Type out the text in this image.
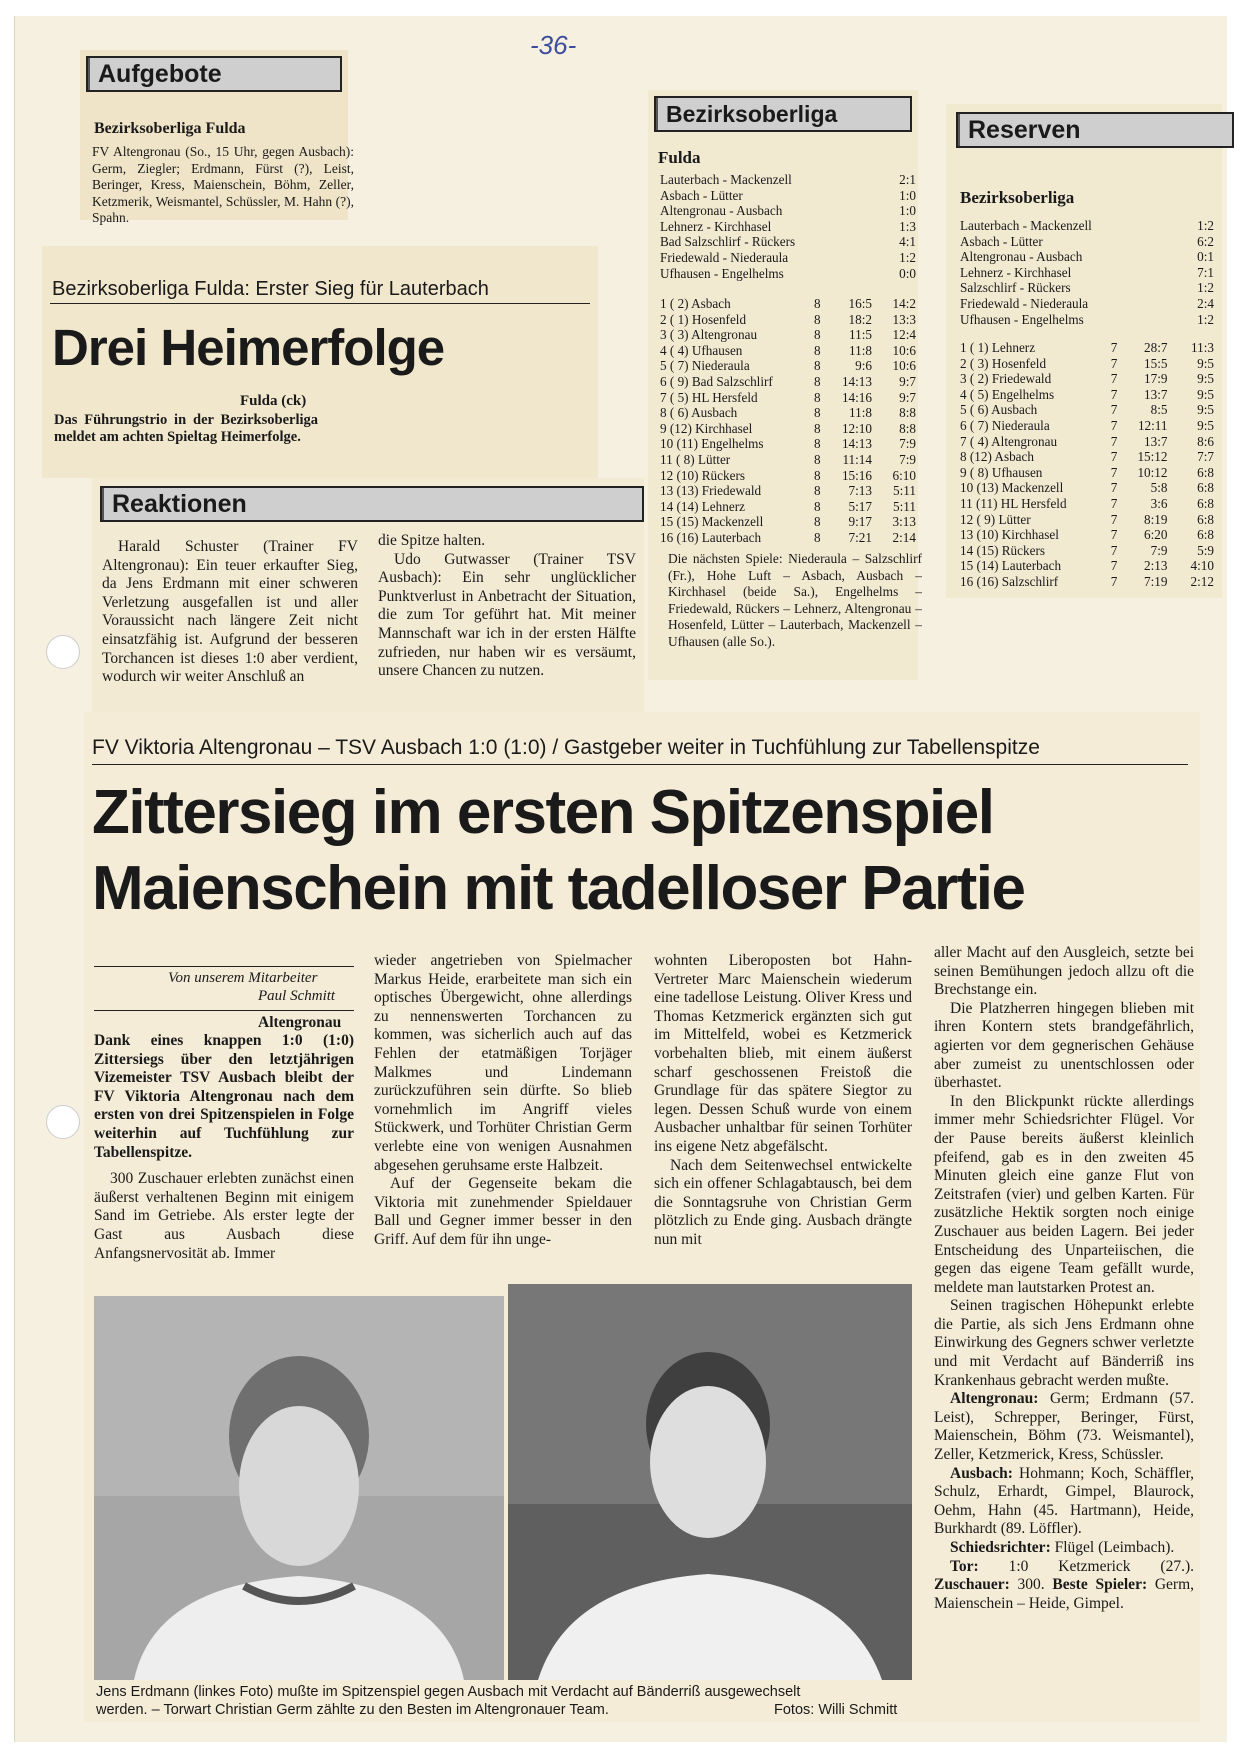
-36-
Aufgebote
Bezirksoberliga Fulda
FV Altengronau (So., 15 Uhr, gegen Ausbach): Germ, Ziegler; Erdmann, Fürst (?), Leist, Beringer, Kress, Maienschein, Böhm, Zeller, Ketzmerik, Weismantel, Schüssler, M. Hahn (?), Spahn.
Bezirksoberliga Fulda: Erster Sieg für Lauterbach
Drei Heimerfolge
Fulda (ck)
Das Führungstrio in der Bezirksoberliga meldet am achten Spieltag Heimerfolge.
Reaktionen

Harald Schuster (Trainer FV Altengronau): Ein teuer erkaufter Sieg, da Jens Erdmann mit einer schweren Verletzung ausgefallen ist und aller Voraussicht nach längere Zeit nicht einsatzfähig ist. Aufgrund der besseren Torchancen ist dieses 1:0 aber verdient, wodurch wir weiter Anschluß an

die Spitze halten.

Udo Gutwasser (Trainer TSV Ausbach): Ein sehr unglücklicher Punktverlust in Anbetracht der Situation, die zum Tor geführt hat. Mit meiner Mannschaft war ich in der ersten Hälfte zufrieden, nur haben wir es versäumt, unsere Chancen zu nutzen.

Bezirksoberliga
Fulda
Lauterbach - Mackenzell	2:1
Asbach - Lütter	1:0
Altengronau - Ausbach	1:0
Lehnerz - Kirchhasel	1:3
Bad Salzschlirf - Rückers	4:1
Friedewald - Niederaula	1:2
Ufhausen - Engelhelms	0:0
1 ( 2) Asbach	8	16:5	14:2
2 ( 1) Hosenfeld	8	18:2	13:3
3 ( 3) Altengronau	8	11:5	12:4
4 ( 4) Ufhausen	8	11:8	10:6
5 ( 7) Niederaula	8	9:6	10:6
6 ( 9) Bad Salzschlirf	8	14:13	9:7
7 ( 5) HL Hersfeld	8	14:16	9:7
8 ( 6) Ausbach	8	11:8	8:8
9 (12) Kirchhasel	8	12:10	8:8
10 (11) Engelhelms	8	14:13	7:9
11 ( 8) Lütter	8	11:14	7:9
12 (10) Rückers	8	15:16	6:10
13 (13) Friedewald	8	7:13	5:11
14 (14) Lehnerz	8	5:17	5:11
15 (15) Mackenzell	8	9:17	3:13
16 (16) Lauterbach	8	7:21	2:14
Die nächsten Spiele: Niederaula – Salzschlirf (Fr.), Hohe Luft – Asbach, Ausbach – Kirchhasel (beide Sa.), Engelhelms – Friedewald, Rückers – Lehnerz, Altengronau – Hosenfeld, Lütter – Lauterbach, Mackenzell – Ufhausen (alle So.).
Reserven
Bezirksoberliga
Lauterbach - Mackenzell	1:2
Asbach - Lütter	6:2
Altengronau - Ausbach	0:1
Lehnerz - Kirchhasel	7:1
Salzschlirf - Rückers	1:2
Friedewald - Niederaula	2:4
Ufhausen - Engelhelms	1:2
1 ( 1) Lehnerz	7	28:7	11:3
2 ( 3) Hosenfeld	7	15:5	9:5
3 ( 2) Friedewald	7	17:9	9:5
4 ( 5) Engelhelms	7	13:7	9:5
5 ( 6) Ausbach	7	8:5	9:5
6 ( 7) Niederaula	7	12:11	9:5
7 ( 4) Altengronau	7	13:7	8:6
8 (12) Asbach	7	15:12	7:7
9 ( 8) Ufhausen	7	10:12	6:8
10 (13) Mackenzell	7	5:8	6:8
11 (11) HL Hersfeld	7	3:6	6:8
12 ( 9) Lütter	7	8:19	6:8
13 (10) Kirchhasel	7	6:20	6:8
14 (15) Rückers	7	7:9	5:9
15 (14) Lauterbach	7	2:13	4:10
16 (16) Salzschlirf	7	7:19	2:12
FV Viktoria Altengronau – TSV Ausbach 1:0 (1:0) / Gastgeber weiter in Tuchfühlung zur Tabellenspitze
Zittersieg im ersten Spitzenspiel
Maienschein mit tadelloser Partie
Von unserem Mitarbeiter
Paul Schmitt
Altengronau

Dank eines knappen 1:0 (1:0) Zittersiegs über den letztjährigen Vizemeister TSV Ausbach bleibt der FV Viktoria Altengronau nach dem ersten von drei Spitzenspielen in Folge weiterhin auf Tuchfühlung zur Tabellenspitze.

300 Zuschauer erlebten zunächst einen äußerst verhaltenen Beginn mit einigem Sand im Getriebe. Als erster legte der Gast aus Ausbach diese Anfangsnervosität ab. Immer

wieder angetrieben von Spielmacher Markus Heide, erarbeitete man sich ein optisches Übergewicht, ohne allerdings zu nennenswerten Torchancen zu kommen, was sicherlich auch auf das Fehlen der etatmäßigen Torjäger Malkmes und Lindemann zurückzuführen sein dürfte. So blieb vornehmlich im Angriff vieles Stückwerk, und Torhüter Christian Germ verlebte eine von wenigen Ausnahmen abgesehen geruhsame erste Halbzeit.

Auf der Gegenseite bekam die Viktoria mit zunehmender Spieldauer Ball und Gegner immer besser in den Griff. Auf dem für ihn unge-

wohnten Liberoposten bot Hahn-Vertreter Marc Maienschein wiederum eine tadellose Leistung. Oliver Kress und Thomas Ketzmerick ergänzten sich gut im Mittelfeld, wobei es Ketzmerick vorbehalten blieb, mit einem äußerst scharf geschossenen Freistoß die Grundlage für das spätere Siegtor zu legen. Dessen Schuß wurde von einem Ausbacher unhaltbar für seinen Torhüter ins eigene Netz abgefälscht.

Nach dem Seitenwechsel entwickelte sich ein offener Schlagabtausch, bei dem die Sonntagsruhe von Christian Germ plötzlich zu Ende ging. Ausbach drängte nun mit

aller Macht auf den Ausgleich, setzte bei seinen Bemühungen jedoch allzu oft die Brechstange ein.

Die Platzherren hingegen blieben mit ihren Kontern stets brandgefährlich, agierten vor dem gegnerischen Gehäuse aber zumeist zu unentschlossen oder überhastet.

In den Blickpunkt rückte allerdings immer mehr Schiedsrichter Flügel. Vor der Pause bereits äußerst kleinlich pfeifend, gab es in den zweiten 45 Minuten gleich eine ganze Flut von Zeitstrafen (vier) und gelben Karten. Für zusätzliche Hektik sorgten noch einige Zuschauer aus beiden Lagern. Bei jeder Entscheidung des Unparteiischen, die gegen das eigene Team gefällt wurde, meldete man lautstarken Protest an.

Seinen tragischen Höhepunkt erlebte die Partie, als sich Jens Erdmann ohne Einwirkung des Gegners schwer verletzte und mit Verdacht auf Bänderriß ins Krankenhaus gebracht werden mußte.

Altengronau: Germ; Erdmann (57. Leist), Schrepper, Beringer, Fürst, Maienschein, Böhm (73. Weismantel), Zeller, Ketzmerick, Kress, Schüssler.

Ausbach: Hohmann; Koch, Schäffler, Schulz, Erhardt, Gimpel, Blaurock, Oehm, Hahn (45. Hartmann), Heide, Burkhardt (89. Löffler).

Schiedsrichter: Flügel (Leimbach).

Tor: 1:0 Ketzmerick (27.). Zuschauer: 300. Beste Spieler: Germ, Maienschein – Heide, Gimpel.

Jens Erdmann (linkes Foto) mußte im Spitzenspiel gegen Ausbach mit Verdacht auf Bänderriß ausgewechselt
werden. – Torwart Christian Germ zählte zu den Besten im Altengronauer Team.	Fotos: Willi Schmitt
